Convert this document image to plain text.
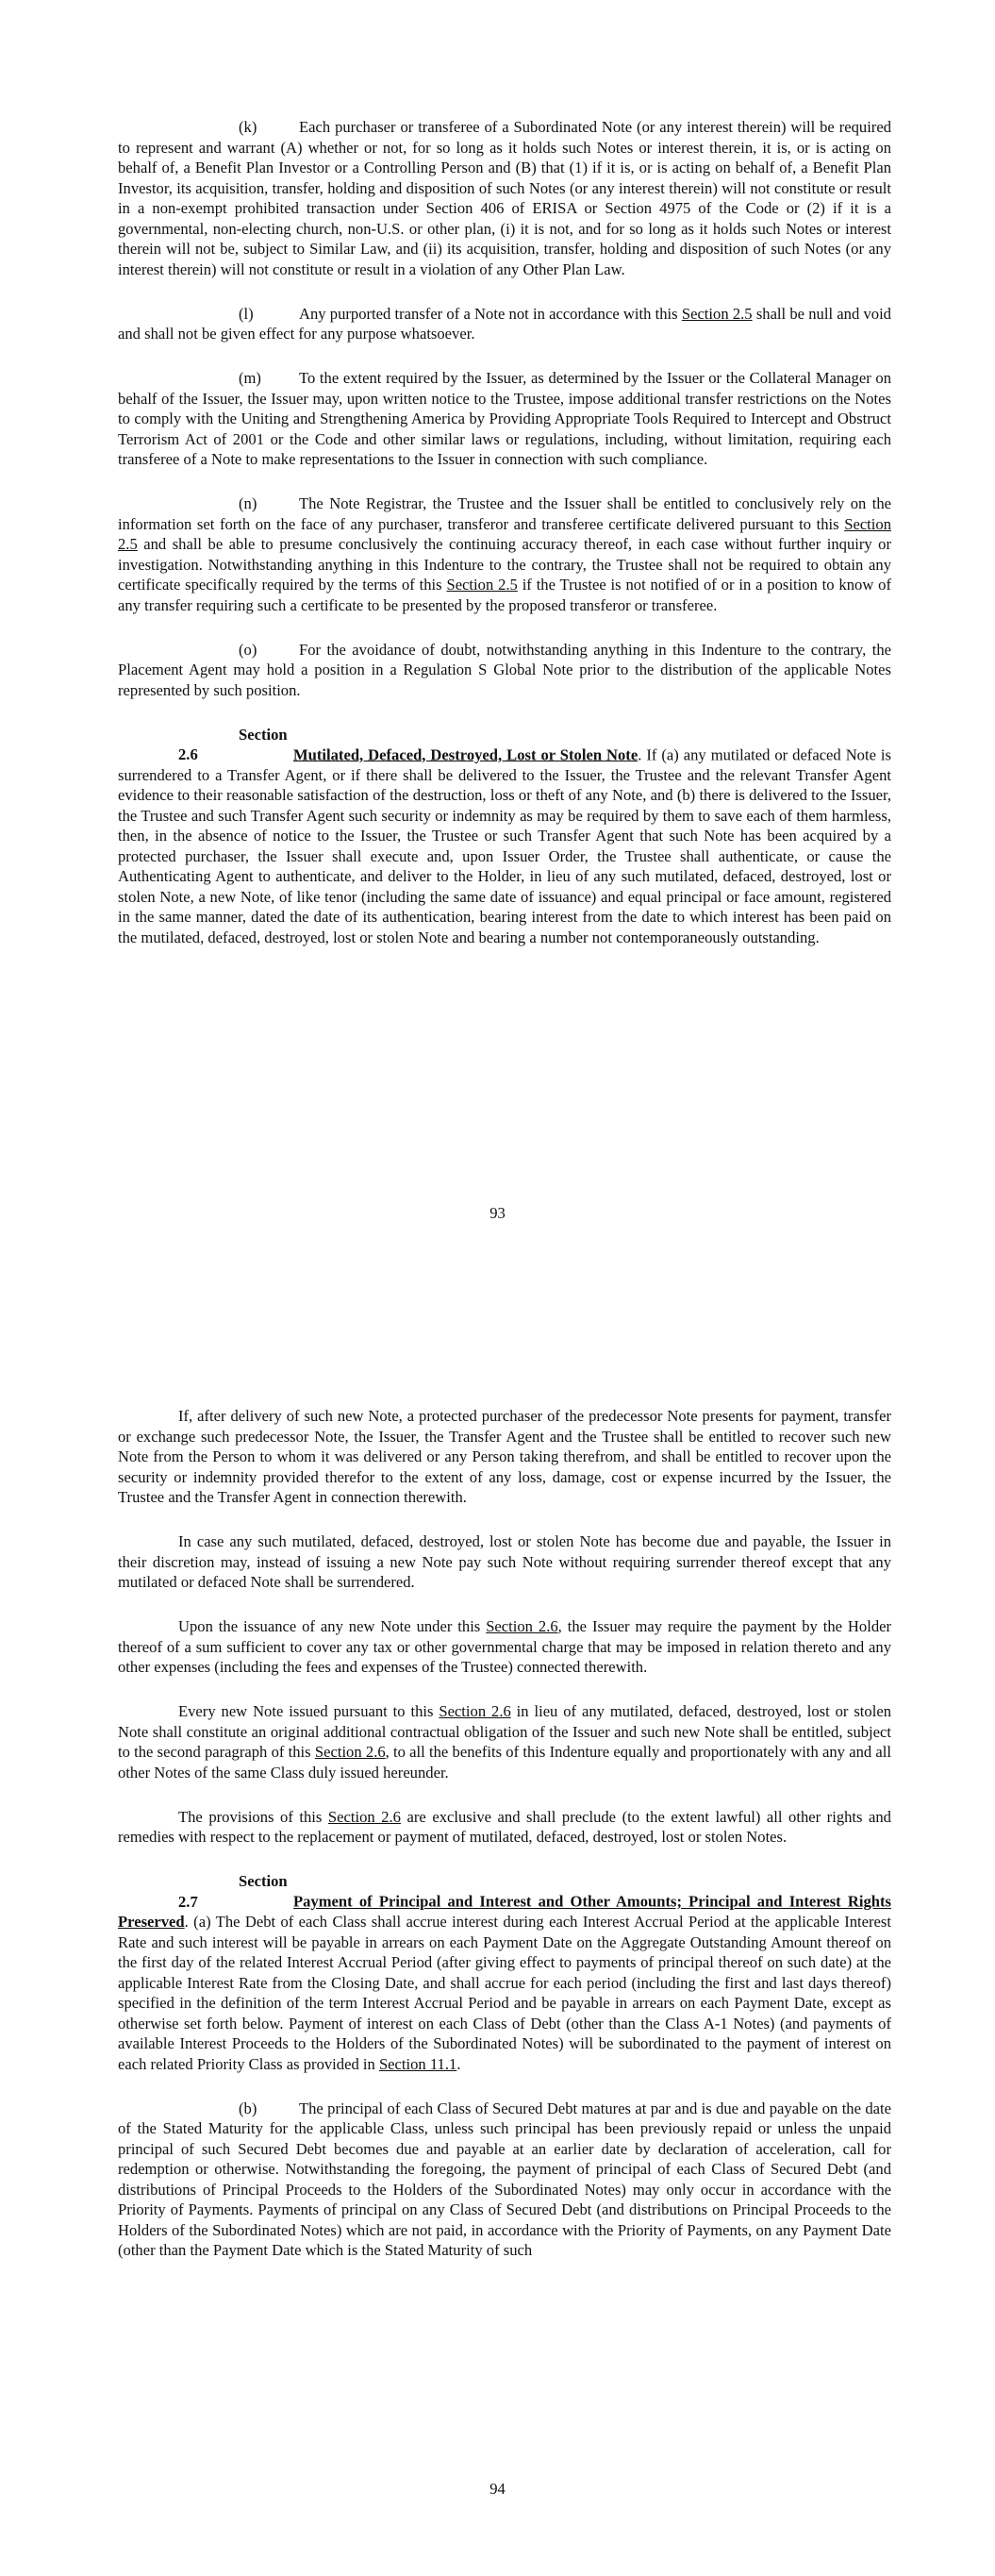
(k)	Each purchaser or transferee of a Subordinated Note (or any interest therein) will be required to represent and warrant (A) whether or not, for so long as it holds such Notes or interest therein, it is, or is acting on behalf of, a Benefit Plan Investor or a Controlling Person and (B) that (1) if it is, or is acting on behalf of, a Benefit Plan Investor, its acquisition, transfer, holding and disposition of such Notes (or any interest therein) will not constitute or result in a non-exempt prohibited transaction under Section 406 of ERISA or Section 4975 of the Code or (2) if it is a governmental, non-electing church, non-U.S. or other plan, (i) it is not, and for so long as it holds such Notes or interest therein will not be, subject to Similar Law, and (ii) its acquisition, transfer, holding and disposition of such Notes (or any interest therein) will not constitute or result in a violation of any Other Plan Law.

(l)	Any purported transfer of a Note not in accordance with this Section 2.5 shall be null and void and shall not be given effect for any purpose whatsoever.

(m) To the extent required by the Issuer, as determined by the Issuer or the Collateral Manager on behalf of the Issuer, the Issuer may, upon written notice to the Trustee, impose additional transfer restrictions on the Notes to comply with the Uniting and Strengthening America by Providing Appropriate Tools Required to Intercept and Obstruct Terrorism Act of 2001 or the Code and other similar laws or regulations, including, without limitation, requiring each transferee of a Note to make representations to the Issuer in connection with such compliance.

(n)	The Note Registrar, the Trustee and the Issuer shall be entitled to conclusively rely on the information set forth on the face of any purchaser, transferor and transferee certificate delivered pursuant to this Section 2.5 and shall be able to presume conclusively the continuing accuracy thereof, in each case without further inquiry or investigation. Notwithstanding anything in this Indenture to the contrary, the Trustee shall not be required to obtain any certificate specifically required by the terms of this Section 2.5 if the Trustee is not notified of or in a position to know of any transfer requiring such a certificate to be presented by the proposed transferor or transferee.

(o)	For the avoidance of doubt, notwithstanding anything in this Indenture to the contrary, the Placement Agent may hold a position in a Regulation S Global Note prior to the distribution of the applicable Notes represented by such position.

Section 2.6	Mutilated, Defaced, Destroyed, Lost or Stolen Note. If (a) any mutilated or defaced Note is surrendered to a Transfer Agent, or if there shall be delivered to the Issuer, the Trustee and the relevant Transfer Agent evidence to their reasonable satisfaction of the destruction, loss or theft of any Note, and (b) there is delivered to the Issuer, the Trustee and such Transfer Agent such security or indemnity as may be required by them to save each of them harmless, then, in the absence of notice to the Issuer, the Trustee or such Transfer Agent that such Note has been acquired by a protected purchaser, the Issuer shall execute and, upon Issuer Order, the Trustee shall authenticate, or cause the Authenticating Agent to authenticate, and deliver to the Holder, in lieu of any such mutilated, defaced, destroyed, lost or stolen Note, a new Note, of like tenor (including the same date of issuance) and equal principal or face amount, registered in the same manner, dated the date of its authentication, bearing interest from the date to which interest has been paid on the mutilated, defaced, destroyed, lost or stolen Note and bearing a number not contemporaneously outstanding.

93

If, after delivery of such new Note, a protected purchaser of the predecessor Note presents for payment, transfer or exchange such predecessor Note, the Issuer, the Transfer Agent and the Trustee shall be entitled to recover such new Note from the Person to whom it was delivered or any Person taking therefrom, and shall be entitled to recover upon the security or indemnity provided therefor to the extent of any loss, damage, cost or expense incurred by the Issuer, the Trustee and the Transfer Agent in connection therewith.

In case any such mutilated, defaced, destroyed, lost or stolen Note has become due and payable, the Issuer in their discretion may, instead of issuing a new Note pay such Note without requiring surrender thereof except that any mutilated or defaced Note shall be surrendered.

Upon the issuance of any new Note under this Section 2.6, the Issuer may require the payment by the Holder thereof of a sum sufficient to cover any tax or other governmental charge that may be imposed in relation thereto and any other expenses (including the fees and expenses of the Trustee) connected therewith.

Every new Note issued pursuant to this Section 2.6 in lieu of any mutilated, defaced, destroyed, lost or stolen Note shall constitute an original additional contractual obligation of the Issuer and such new Note shall be entitled, subject to the second paragraph of this Section 2.6, to all the benefits of this Indenture equally and proportionately with any and all other Notes of the same Class duly issued hereunder.

The provisions of this Section 2.6 are exclusive and shall preclude (to the extent lawful) all other rights and remedies with respect to the replacement or payment of mutilated, defaced, destroyed, lost or stolen Notes.

Section 2.7	Payment of Principal and Interest and Other Amounts; Principal and Interest Rights Preserved. (a) The Debt of each Class shall accrue interest during each Interest Accrual Period at the applicable Interest Rate and such interest will be payable in arrears on each Payment Date on the Aggregate Outstanding Amount thereof on the first day of the related Interest Accrual Period (after giving effect to payments of principal thereof on such date) at the applicable Interest Rate from the Closing Date, and shall accrue for each period (including the first and last days thereof) specified in the definition of the term Interest Accrual Period and be payable in arrears on each Payment Date, except as otherwise set forth below. Payment of interest on each Class of Debt (other than the Class A-1 Notes) (and payments of available Interest Proceeds to the Holders of the Subordinated Notes) will be subordinated to the payment of interest on each related Priority Class as provided in Section 11.1.

(b)	The principal of each Class of Secured Debt matures at par and is due and payable on the date of the Stated Maturity for the applicable Class, unless such principal has been previously repaid or unless the unpaid principal of such Secured Debt becomes due and payable at an earlier date by declaration of acceleration, call for redemption or otherwise. Notwithstanding the foregoing, the payment of principal of each Class of Secured Debt (and distributions of Principal Proceeds to the Holders of the Subordinated Notes) may only occur in accordance with the Priority of Payments. Payments of principal on any Class of Secured Debt (and distributions on Principal Proceeds to the Holders of the Subordinated Notes) which are not paid, in accordance with the Priority of Payments, on any Payment Date (other than the Payment Date which is the Stated Maturity of such

94
